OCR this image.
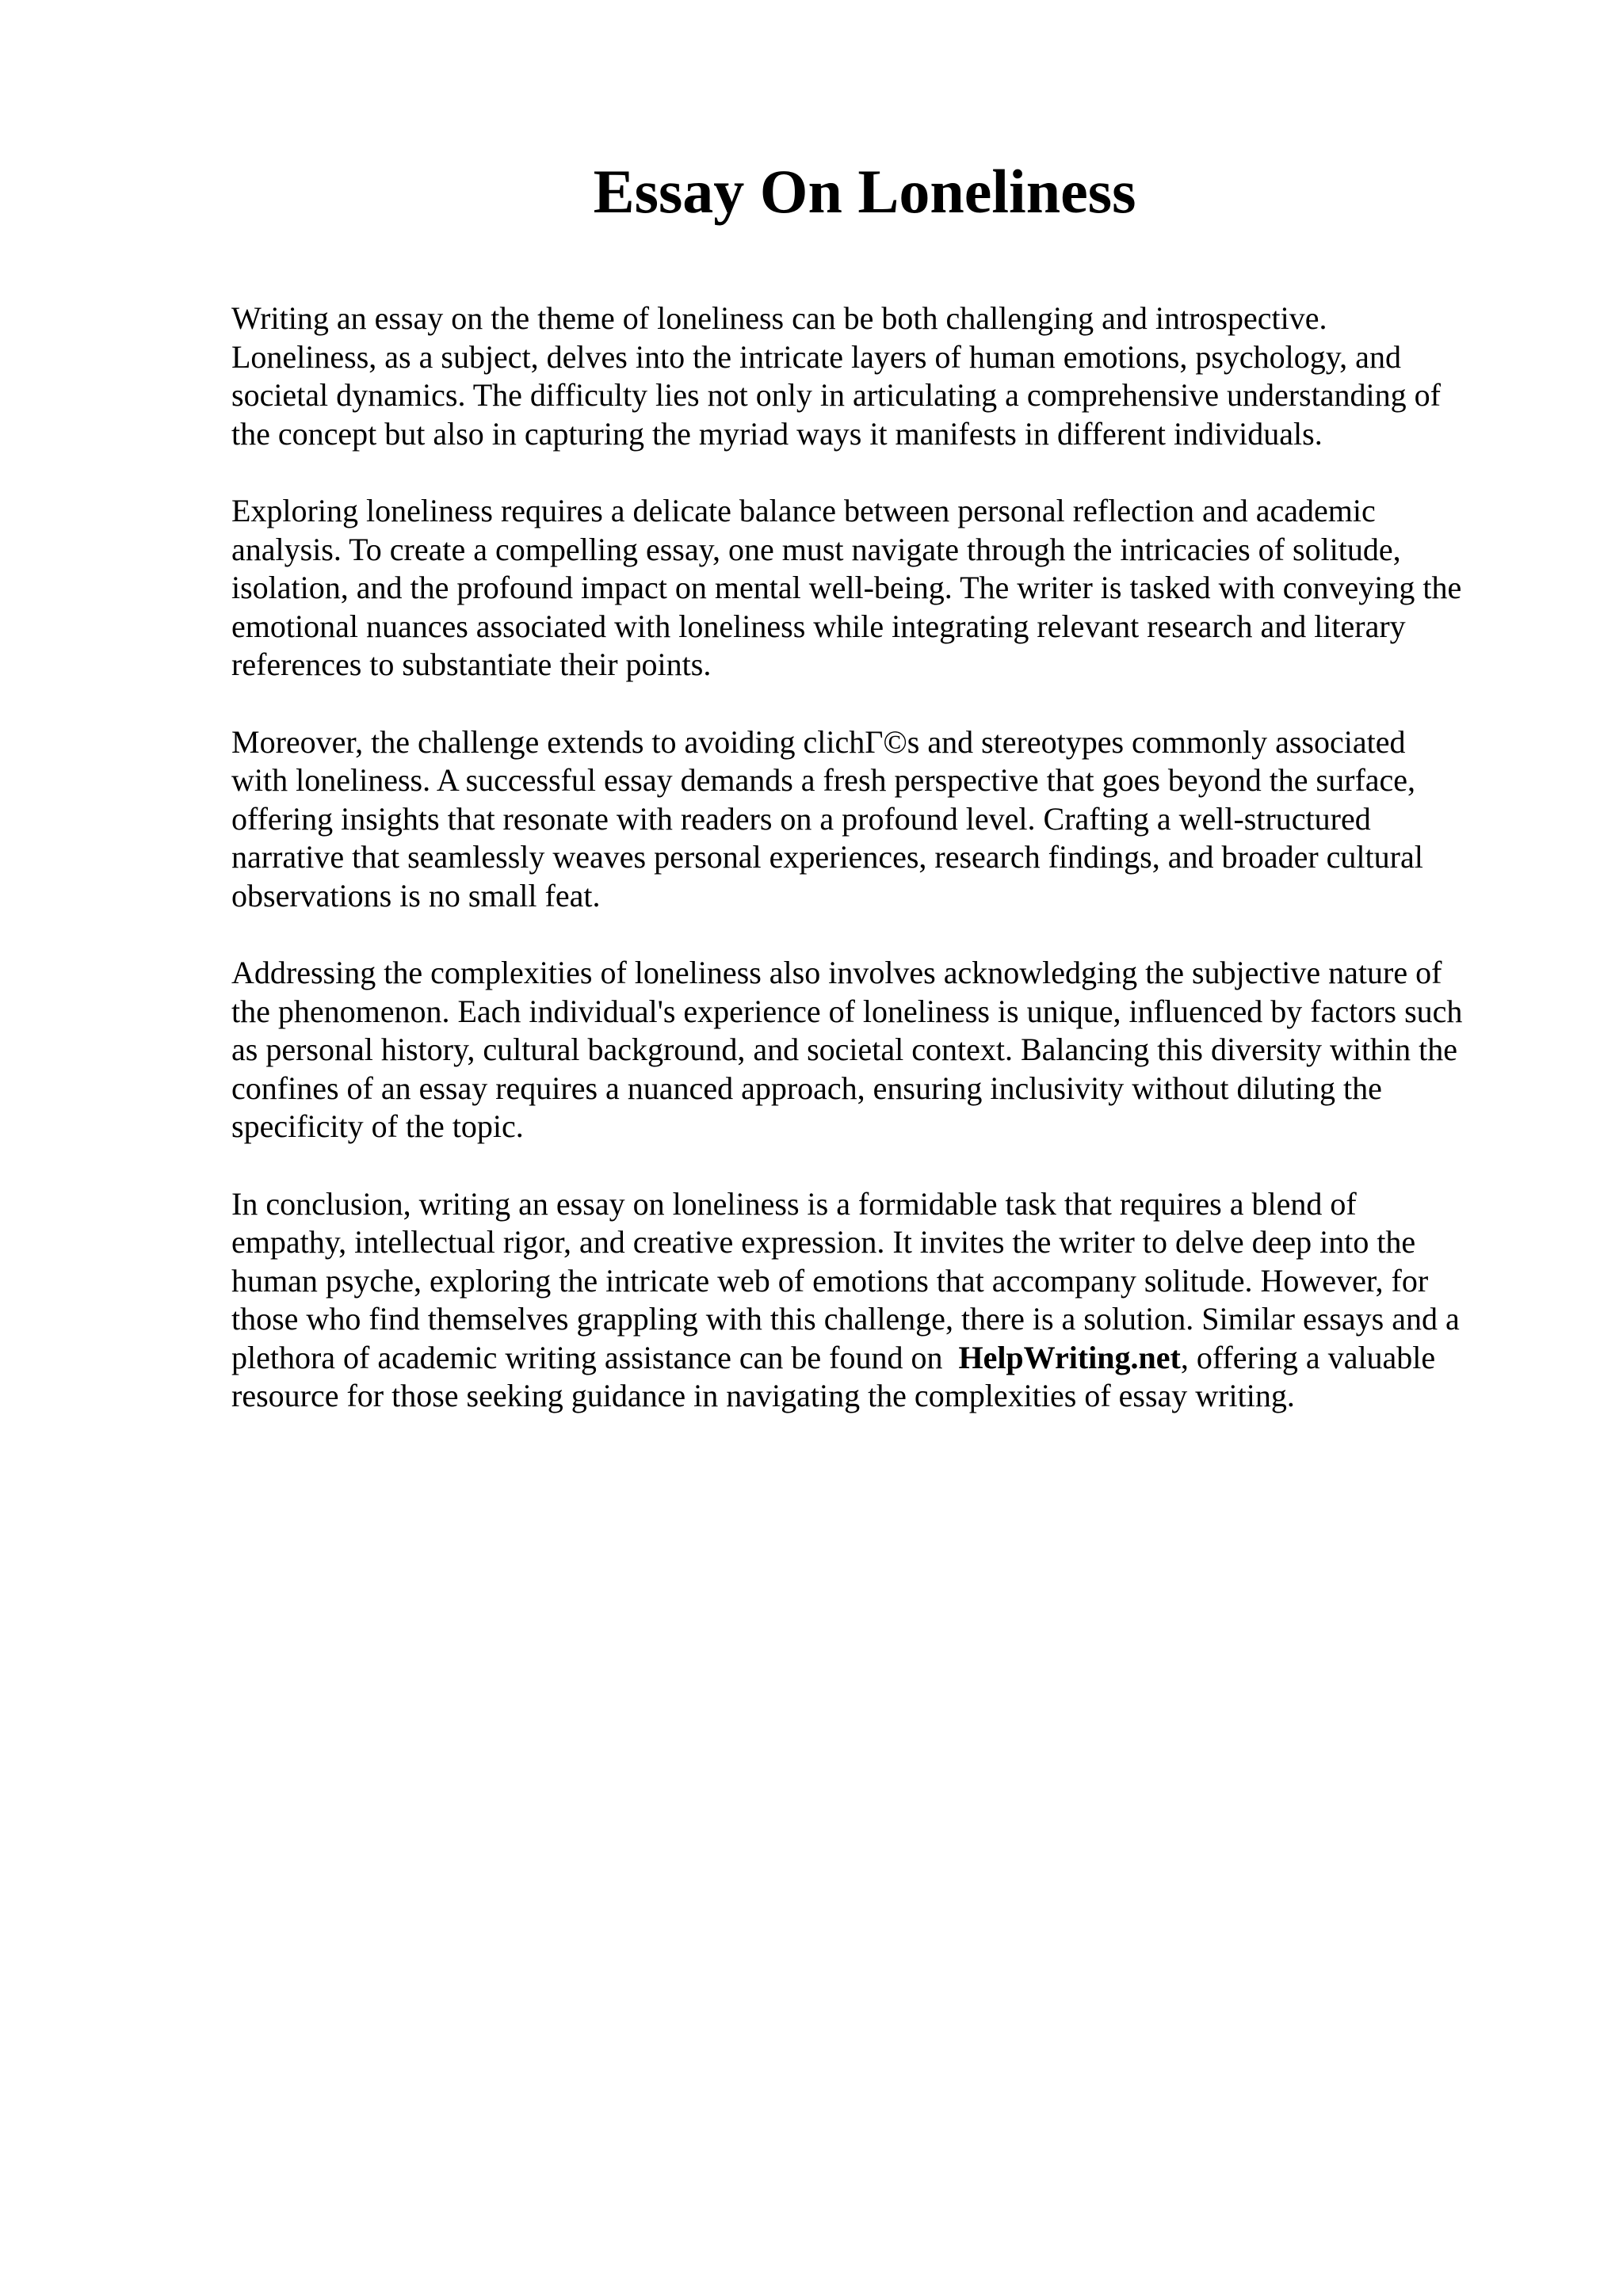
Essay On Loneliness

Writing an essay on the theme of loneliness can be both challenging and introspective.
Loneliness, as a subject, delves into the intricate layers of human emotions, psychology, and
societal dynamics. The difficulty lies not only in articulating a comprehensive understanding of
the concept but also in capturing the myriad ways it manifests in different individuals.

Exploring loneliness requires a delicate balance between personal reflection and academic
analysis. To create a compelling essay, one must navigate through the intricacies of solitude,
isolation, and the profound impact on mental well-being. The writer is tasked with conveying the
emotional nuances associated with loneliness while integrating relevant research and literary
references to substantiate their points.

Moreover, the challenge extends to avoiding clichΓ©s and stereotypes commonly associated
with loneliness. A successful essay demands a fresh perspective that goes beyond the surface,
offering insights that resonate with readers on a profound level. Crafting a well-structured
narrative that seamlessly weaves personal experiences, research findings, and broader cultural
observations is no small feat.

Addressing the complexities of loneliness also involves acknowledging the subjective nature of
the phenomenon. Each individual's experience of loneliness is unique, influenced by factors such
as personal history, cultural background, and societal context. Balancing this diversity within the
confines of an essay requires a nuanced approach, ensuring inclusivity without diluting the
specificity of the topic.

In conclusion, writing an essay on loneliness is a formidable task that requires a blend of
empathy, intellectual rigor, and creative expression. It invites the writer to delve deep into the
human psyche, exploring the intricate web of emotions that accompany solitude. However, for
those who find themselves grappling with this challenge, there is a solution. Similar essays and a
plethora of academic writing assistance can be found on HelpWriting.net, offering a valuable
resource for those seeking guidance in navigating the complexities of essay writing.
